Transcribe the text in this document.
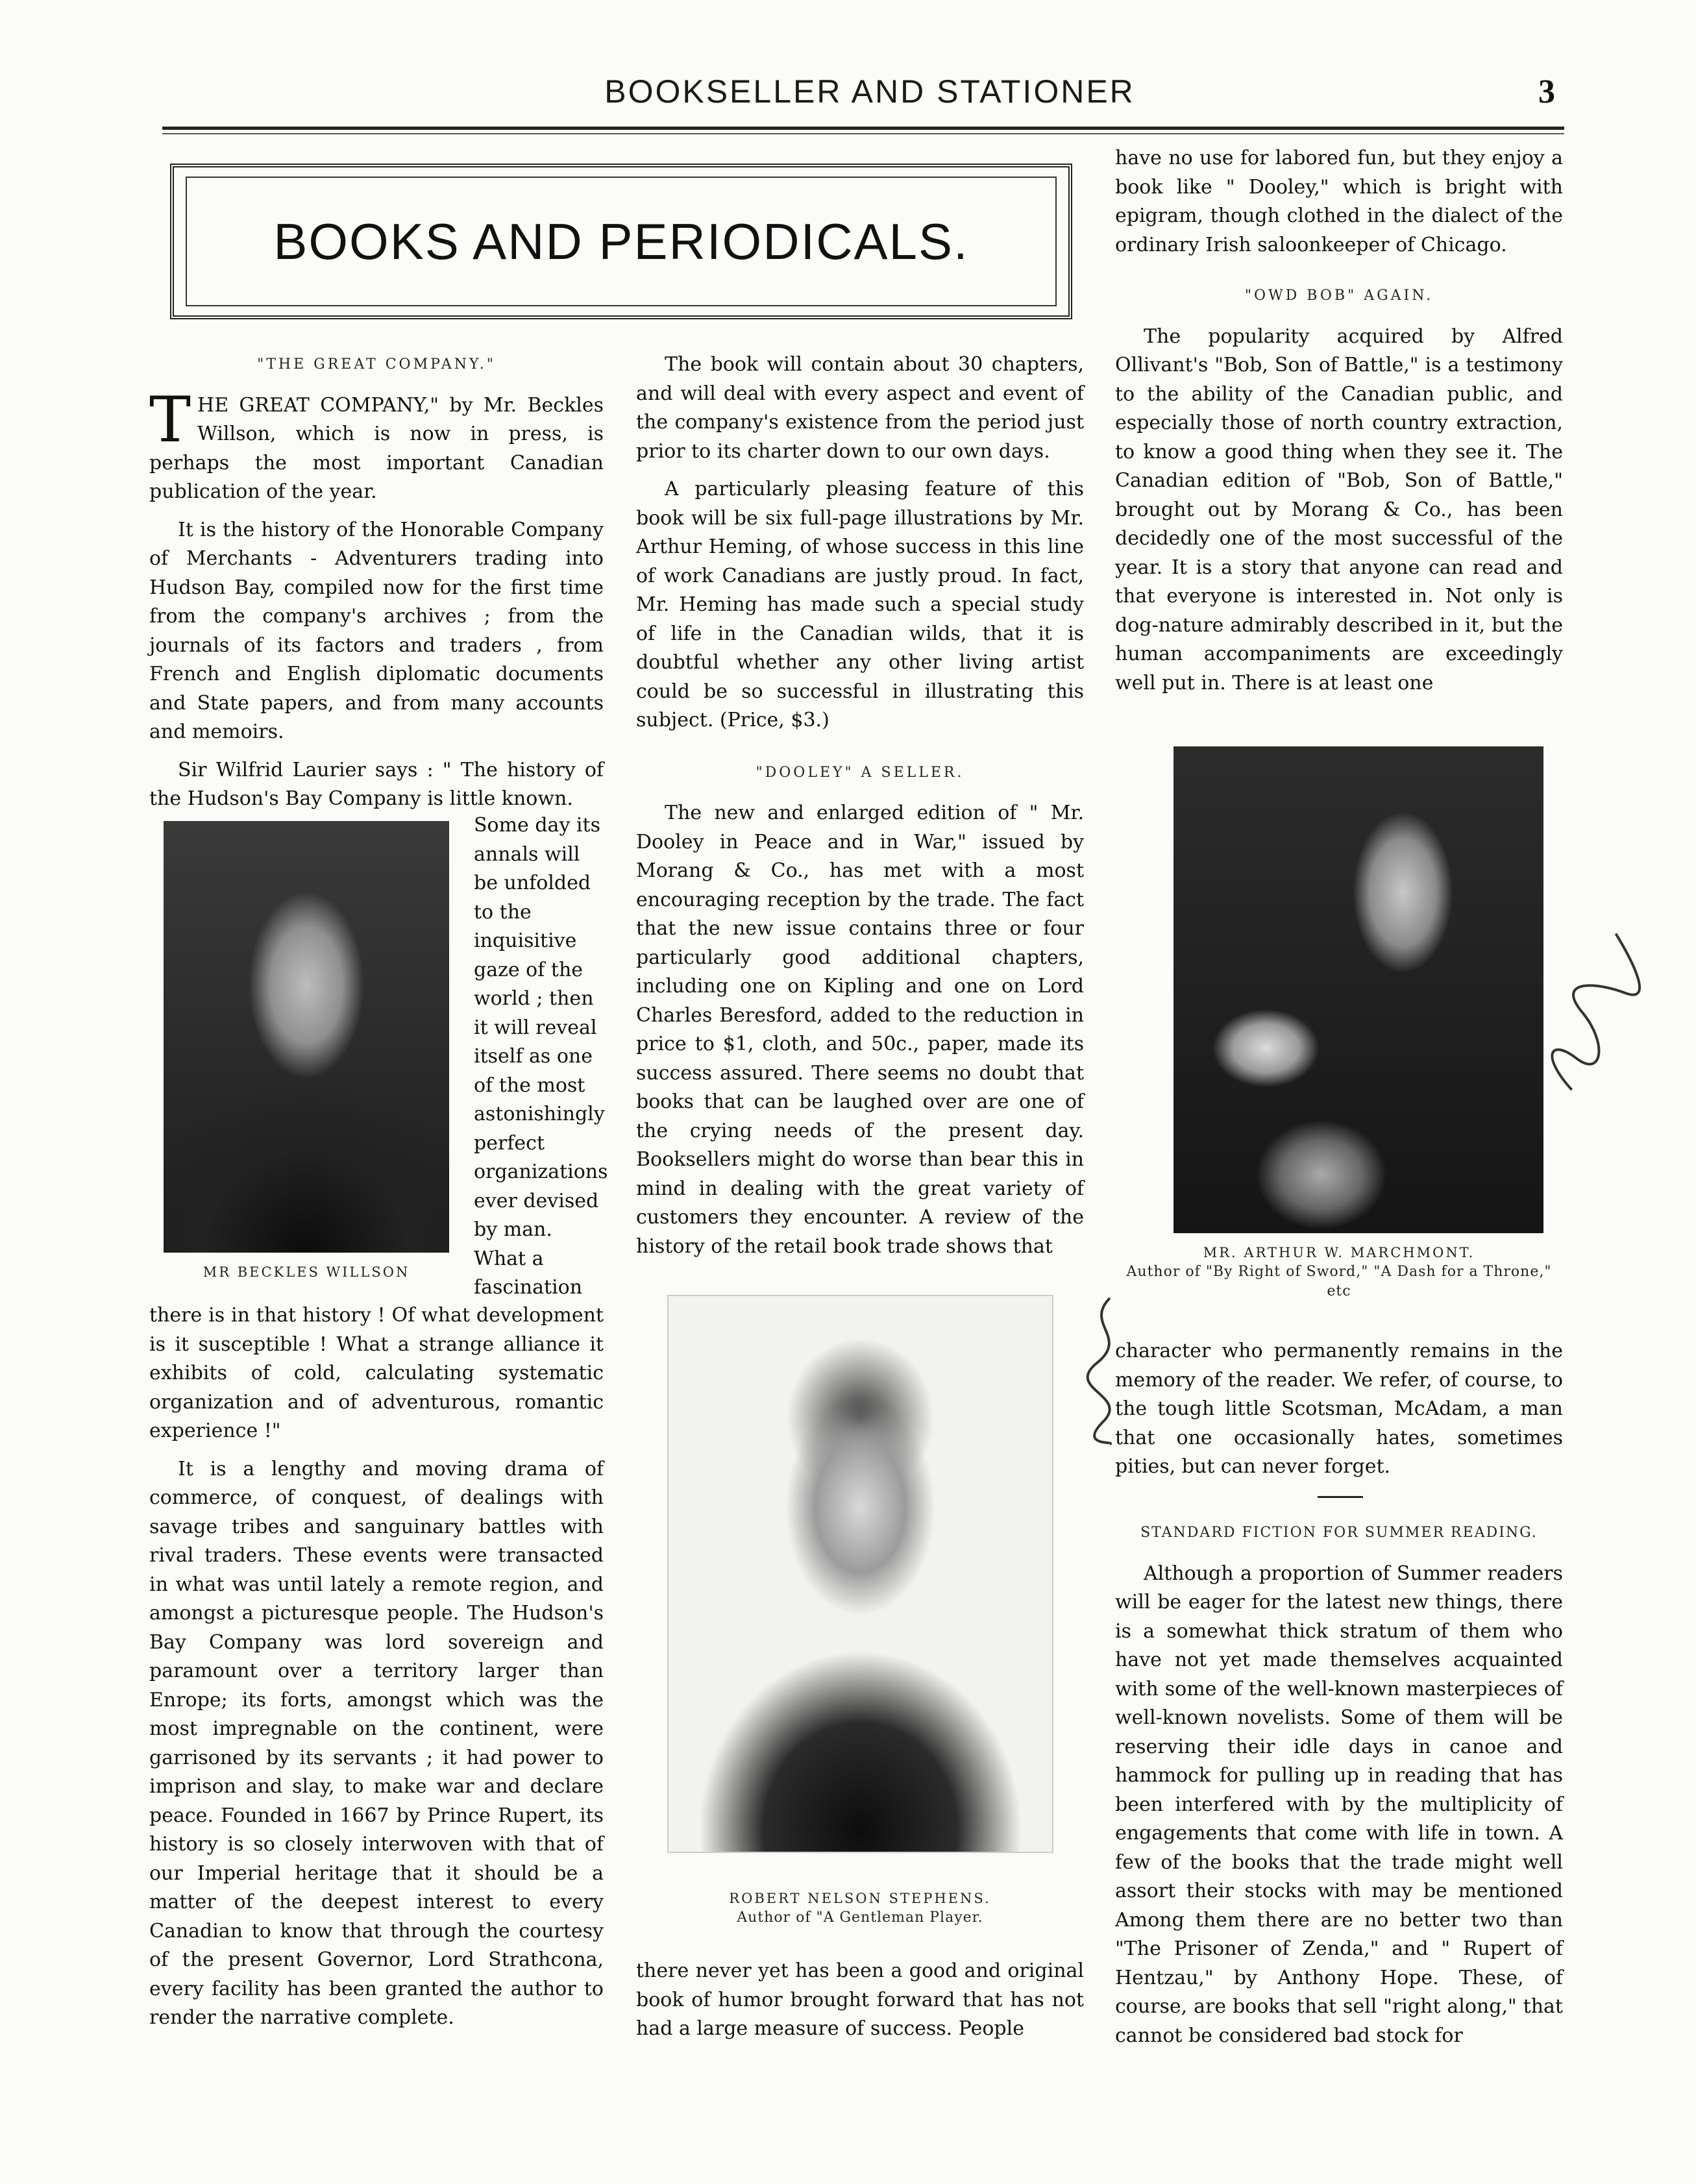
BOOKSELLER AND STATIONER	3
BOOKS AND PERIODICALS.
"THE GREAT COMPANY."

THE GREAT COMPANY," by Mr. Beckles Willson, which is now in press, is perhaps the most important Canadian publication of the year.

It is the history of the Honorable Company of Merchants - Adventurers trading into Hudson Bay, compiled now for the first time from the company's archives ; from the journals of its factors and traders , from French and English diplomatic documents and State papers, and from many accounts and memoirs.

Sir Wilfrid Laurier says : " The history of the Hudson's Bay Company is little known.

MR BECKLES WILLSON
Some day its annals will be unfolded to the inquisitive gaze of the world ; then it will reveal itself as one of the most astonishingly perfect organizations ever devised by man. What a fascination

there is in that history ! Of what development is it susceptible ! What a strange alliance it exhibits of cold, calculating systematic organization and of adventurous, romantic experience !"

It is a lengthy and moving drama of commerce, of conquest, of dealings with savage tribes and sanguinary battles with rival traders. These events were transacted in what was until lately a remote region, and amongst a picturesque people. The Hudson's Bay Company was lord sovereign and paramount over a territory larger than Enrope; its forts, amongst which was the most impregnable on the continent, were garrisoned by its servants ; it had power to imprison and slay, to make war and declare peace. Founded in 1667 by Prince Rupert, its history is so closely interwoven with that of our Imperial heritage that it should be a matter of the deepest interest to every Canadian to know that through the courtesy of the present Governor, Lord Strathcona, every facility has been granted the author to render the narrative complete.

The book will contain about 30 chapters, and will deal with every aspect and event of the company's existence from the period just prior to its charter down to our own days.

A particularly pleasing feature of this book will be six full-page illustrations by Mr. Arthur Heming, of whose success in this line of work Canadians are justly proud. In fact, Mr. Heming has made such a special study of life in the Canadian wilds, that it is doubtful whether any other living artist could be so successful in illustrating this subject. (Price, $3.)

"DOOLEY" A SELLER.

The new and enlarged edition of " Mr. Dooley in Peace and in War," issued by Morang & Co., has met with a most encouraging reception by the trade. The fact that the new issue contains three or four particularly good additional chapters, including one on Kipling and one on Lord Charles Beresford, added to the reduction in price to $1, cloth, and 50c., paper, made its success assured. There seems no doubt that books that can be laughed over are one of the crying needs of the present day. Booksellers might do worse than bear this in mind in dealing with the great variety of customers they encounter. A review of the history of the retail book trade shows that

ROBERT NELSON STEPHENS.
Author of "A Gentleman Player.

there never yet has been a good and original book of humor brought forward that has not had a large measure of success. People

have no use for labored fun, but they enjoy a book like " Dooley," which is bright with epigram, though clothed in the dialect of the ordinary Irish saloonkeeper of Chicago.

"OWD BOB" AGAIN.

The popularity acquired by Alfred Ollivant's "Bob, Son of Battle," is a testimony to the ability of the Canadian public, and especially those of north country extraction, to know a good thing when they see it. The Canadian edition of "Bob, Son of Battle," brought out by Morang & Co., has been decidedly one of the most successful of the year. It is a story that anyone can read and that everyone is interested in. Not only is dog-nature admirably described in it, but the human accompaniments are exceedingly well put in. There is at least one

MR. ARTHUR W. MARCHMONT.
Author of "By Right of Sword," "A Dash for a Throne," etc

character who permanently remains in the memory of the reader. We refer, of course, to the tough little Scotsman, McAdam, a man that one occasionally hates, sometimes pities, but can never forget.

STANDARD FICTION FOR SUMMER READING.

Although a proportion of Summer readers will be eager for the latest new things, there is a somewhat thick stratum of them who have not yet made themselves acquainted with some of the well-known masterpieces of well-known novelists. Some of them will be reserving their idle days in canoe and hammock for pulling up in reading that has been interfered with by the multiplicity of engagements that come with life in town. A few of the books that the trade might well assort their stocks with may be mentioned Among them there are no better two than "The Prisoner of Zenda," and " Rupert of Hentzau," by Anthony Hope. These, of course, are books that sell "right along," that cannot be considered bad stock for
